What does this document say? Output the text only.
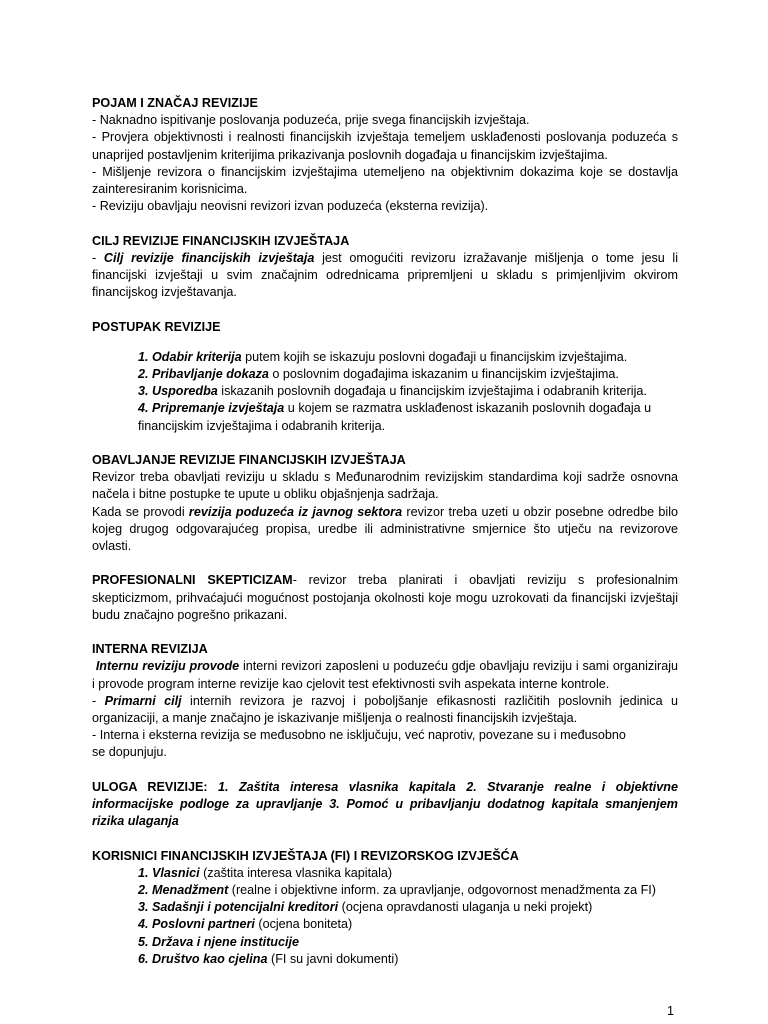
POJAM I ZNAČAJ REVIZIJE

- Naknadno ispitivanje poslovanja poduzeća, prije svega financijskih izvještaja.

- Provjera objektivnosti i realnosti financijskih izvještaja temeljem usklađenosti poslovanja poduzeća s unaprijed postavljenim kriterijima prikazivanja poslovnih događaja u financijskim izvještajima.

- Mišljenje revizora o financijskim izvještajima utemeljeno na objektivnim dokazima koje se dostavlja zainteresiranim korisnicima.

- Reviziju obavljaju neovisni revizori izvan poduzeća (eksterna revizija).

CILJ REVIZIJE FINANCIJSKIH IZVJEŠTAJA

- Cilj revizije financijskih izvještaja jest omogućiti revizoru izražavanje mišljenja o tome jesu li financijski izvještaji u svim značajnim odrednicama pripremljeni u skladu s primjenljivim okvirom financijskog izvještavanja.

POSTUPAK REVIZIJE

1. Odabir kriterija putem kojih se iskazuju poslovni događaji u financijskim izvještajima.
2. Pribavljanje dokaza o poslovnim događajima iskazanim u financijskim izvještajima.
3. Usporedba iskazanih poslovnih događaja u financijskim izvještajima i odabranih kriterija.
4. Pripremanje izvještaja u kojem se razmatra usklađenost iskazanih poslovnih događaja u financijskim izvještajima i odabranih kriterija.

OBAVLJANJE REVIZIJE FINANCIJSKIH IZVJEŠTAJA

Revizor treba obavljati reviziju u skladu s Međunarodnim revizijskim standardima koji sadrže osnovna načela i bitne postupke te upute u obliku objašnjenja sadržaja.

Kada se provodi revizija poduzeća iz javnog sektora revizor treba uzeti u obzir posebne odredbe bilo kojeg drugog odgovarajućeg propisa, uredbe ili administrativne smjernice što utječu na revizorove ovlasti.

PROFESIONALNI SKEPTICIZAM- revizor treba planirati i obavljati reviziju s profesionalnim skepticizmom, prihvaćajući mogućnost postojanja okolnosti koje mogu uzrokovati da financijski izvještaji budu značajno pogrešno prikazani.

INTERNA REVIZIJA

Internu reviziju provode interni revizori zaposleni u poduzeću gdje obavljaju reviziju i sami organiziraju i provode program interne revizije kao cjelovit test efektivnosti svih aspekata interne kontrole.

- Primarni cilj internih revizora je razvoj i poboljšanje efikasnosti različitih poslovnih jedinica u organizaciji, a manje značajno je iskazivanje mišljenja o realnosti financijskih izvještaja.

- Interna i eksterna revizija se međusobno ne isključuju, već naprotiv, povezane su i međusobno

se dopunjuju.

ULOGA REVIZIJE: 1. Zaštita interesa vlasnika kapitala 2. Stvaranje realne i objektivne informacijske podloge za upravljanje 3. Pomoć u pribavljanju dodatnog kapitala smanjenjem rizika ulaganja

KORISNICI FINANCIJSKIH IZVJEŠTAJA (FI) I REVIZORSKOG IZVJEŠĆA

1. Vlasnici (zaštita interesa vlasnika kapitala)
2. Menadžment (realne i objektivne inform. za upravljanje, odgovornost menadžmenta za FI)
3. Sadašnji i potencijalni kreditori (ocjena opravdanosti ulaganja u neki projekt)
4. Poslovni partneri (ocjena boniteta)
5. Država i njene institucije
6. Društvo kao cjelina (FI su javni dokumenti)
1
